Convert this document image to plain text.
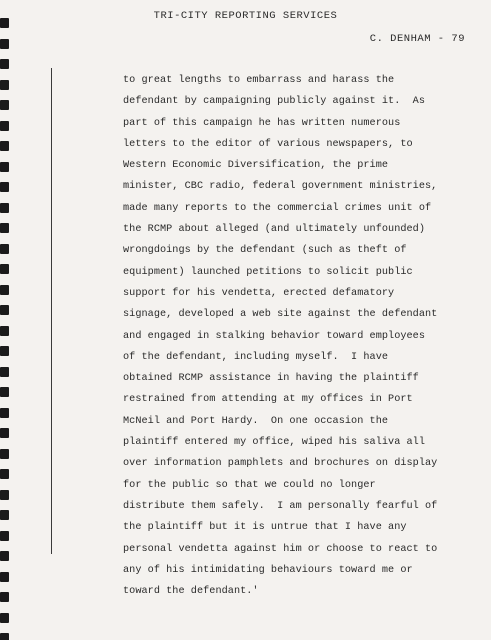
TRI-CITY REPORTING SERVICES
C. DENHAM - 79
to great lengths to embarrass and harass the
defendant by campaigning publicly against it.  As
part of this campaign he has written numerous
letters to the editor of various newspapers, to
Western Economic Diversification, the prime
minister, CBC radio, federal government ministries,
made many reports to the commercial crimes unit of
the RCMP about alleged (and ultimately unfounded)
wrongdoings by the defendant (such as theft of
equipment) launched petitions to solicit public
support for his vendetta, erected defamatory
signage, developed a web site against the defendant
and engaged in stalking behavior toward employees
of the defendant, including myself.  I have
obtained RCMP assistance in having the plaintiff
restrained from attending at my offices in Port
McNeil and Port Hardy.  On one occasion the
plaintiff entered my office, wiped his saliva all
over information pamphlets and brochures on display
for the public so that we could no longer
distribute them safely.  I am personally fearful of
the plaintiff but it is untrue that I have any
personal vendetta against him or choose to react to
any of his intimidating behaviours toward me or
toward the defendant.'
